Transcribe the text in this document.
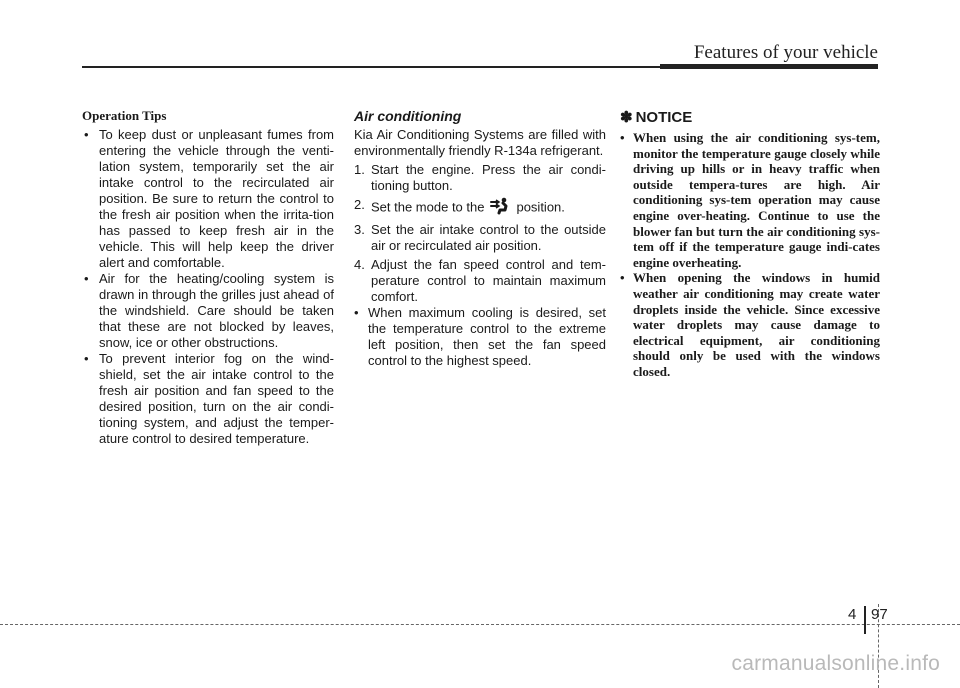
Features of your vehicle
Operation Tips
• To keep dust or unpleasant fumes from entering the vehicle through the venti-lation system, temporarily set the air intake control to the recirculated air position. Be sure to return the control to the fresh air position when the irrita-tion has passed to keep fresh air in the vehicle. This will help keep the driver alert and comfortable.
• Air for the heating/cooling system is drawn in through the grilles just ahead of the windshield. Care should be taken that these are not blocked by leaves, snow, ice or other obstructions.
• To prevent interior fog on the wind-shield, set the air intake control to the fresh air position and fan speed to the desired position, turn on the air condi-tioning system, and adjust the temper-ature control to desired temperature.
Air conditioning

Kia Air Conditioning Systems are filled with environmentally friendly R-134a refrigerant.

1. Start the engine. Press the air condi-tioning button.
2. Set the mode to the position.
3. Set the air intake control to the outside air or recirculated air position.
4. Adjust the fan speed control and tem-perature control to maintain maximum comfort.
• When maximum cooling is desired, set the temperature control to the extreme left position, then set the fan speed control to the highest speed.
✽ NOTICE
• When using the air conditioning sys-tem, monitor the temperature gauge closely while driving up hills or in heavy traffic when outside tempera-tures are high. Air conditioning sys-tem operation may cause engine over-heating. Continue to use the blower fan but turn the air conditioning sys-tem off if the temperature gauge indi-cates engine overheating.
• When opening the windows in humid weather air conditioning may create water droplets inside the vehicle. Since excessive water droplets may cause damage to electrical equipment, air conditioning should only be used with the windows closed.
4 97
carmanualsonline.info
